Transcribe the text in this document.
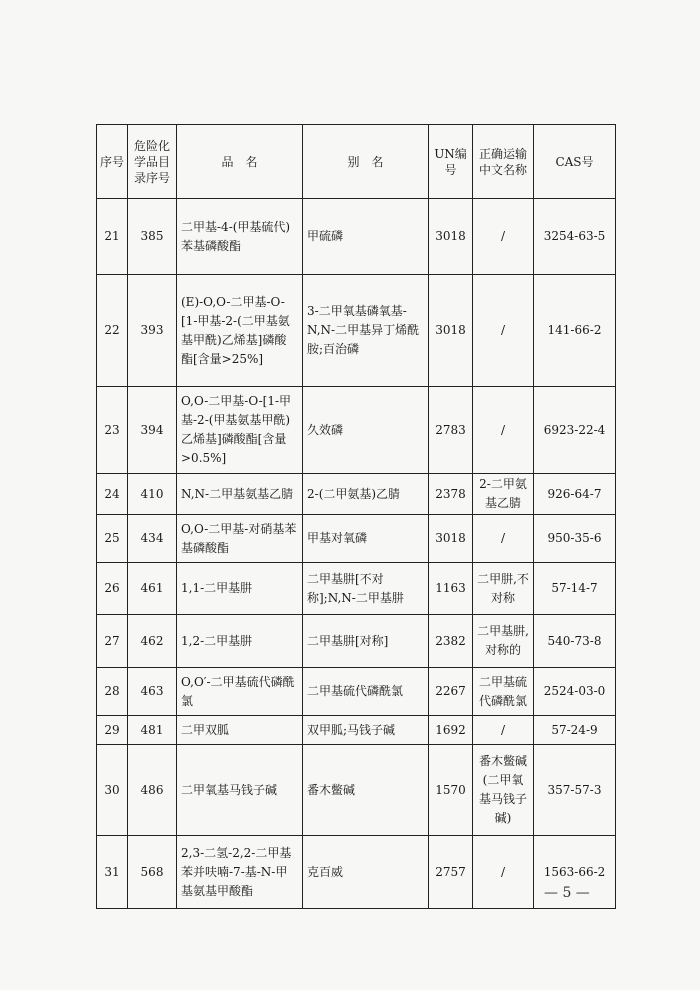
序号	危险化学品目录序号	品　名	别　名	UN编号	正确运输中文名称	CAS号
21	385	二甲基-4-(甲基硫代)苯基磷酸酯	甲硫磷	3018	/	3254-63-5
22	393	(E)-O,O-二甲基-O-[1-甲基-2-(二甲基氨基甲酰)乙烯基]磷酸酯[含量>25%]	3-二甲氧基磷氧基-N,N-二甲基异丁烯酰胺;百治磷	3018	/	141-66-2
23	394	O,O-二甲基-O-[1-甲基-2-(甲基氨基甲酰)乙烯基]磷酸酯[含量>0.5%]	久效磷	2783	/	6923-22-4
24	410	N,N-二甲基氨基乙腈	2-(二甲氨基)乙腈	2378	2-二甲氨基乙腈	926-64-7
25	434	O,O-二甲基-对硝基苯基磷酸酯	甲基对氧磷	3018	/	950-35-6
26	461	1,1-二甲基肼	二甲基肼[不对称];N,N-二甲基肼	1163	二甲肼,不对称	57-14-7
27	462	1,2-二甲基肼	二甲基肼[对称]	2382	二甲基肼,对称的	540-73-8
28	463	O,O′-二甲基硫代磷酰氯	二甲基硫代磷酰氯	2267	二甲基硫代磷酰氯	2524-03-0
29	481	二甲双胍	双甲胍;马钱子碱	1692	/	57-24-9
30	486	二甲氧基马钱子碱	番木鳖碱	1570	番木鳖碱(二甲氧基马钱子碱)	357-57-3
31	568	2,3-二氢-2,2-二甲基苯并呋喃-7-基-N-甲基氨基甲酸酯	克百威	2757	/	1563-66-2
— 5 —
